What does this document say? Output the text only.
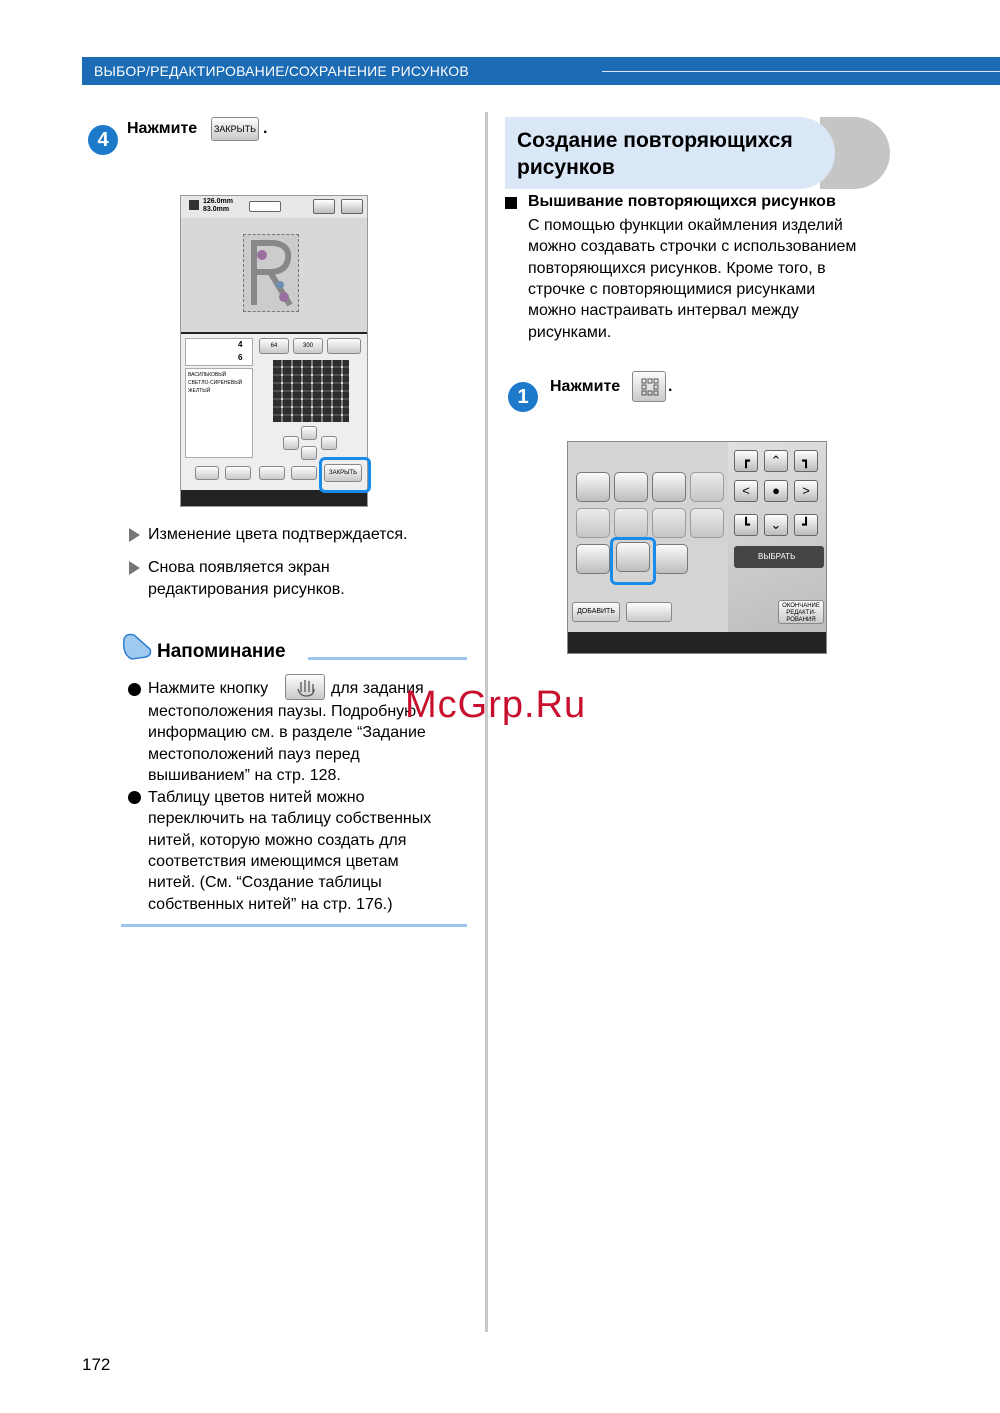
ВЫБОР/РЕДАКТИРОВАНИЕ/СОХРАНЕНИЕ РИСУНКОВ
4
Нажмите	ЗАКРЫТЬ .
126.0mm
83.0mm
4
6
ВАСИЛЬКОВЫЙ
СВЕТЛО-СИРЕНЕВЫЙ
ЖЕЛТЫЙ
64	300
ЗАКРЫТЬ
Изменение цвета подтверждается.
Снова появляется экран
редактирования рисунков.
Напоминание
Нажмите кнопку	для задания
местоположения паузы. Подробную
информацию см. в разделе “Задание
местоположений пауз перед
вышиванием” на стр. 128.
Таблицу цветов нитей можно
переключить на таблицу собственных
нитей, которую можно создать для
соответствия имеющимся цветам
нитей. (См. “Создание таблицы
собственных нитей” на стр. 176.)
Создание повторяющихся
рисунков
Вышивание повторяющихся рисунков
С помощью функции окаймления изделий
можно создавать строчки с использованием
повторяющихся рисунков. Кроме того, в
строчке с повторяющимися рисунками
можно настраивать интервал между
рисунками.
1	Нажмите	.
┏	⌃	┓
<	●	>
┗	⌄	┛
ВЫБРАТЬ
ДОБАВИТЬ
ОКОНЧАНИЕ
РЕДАКТИ-
РОВАНИЯ
McGrp.Ru
172
